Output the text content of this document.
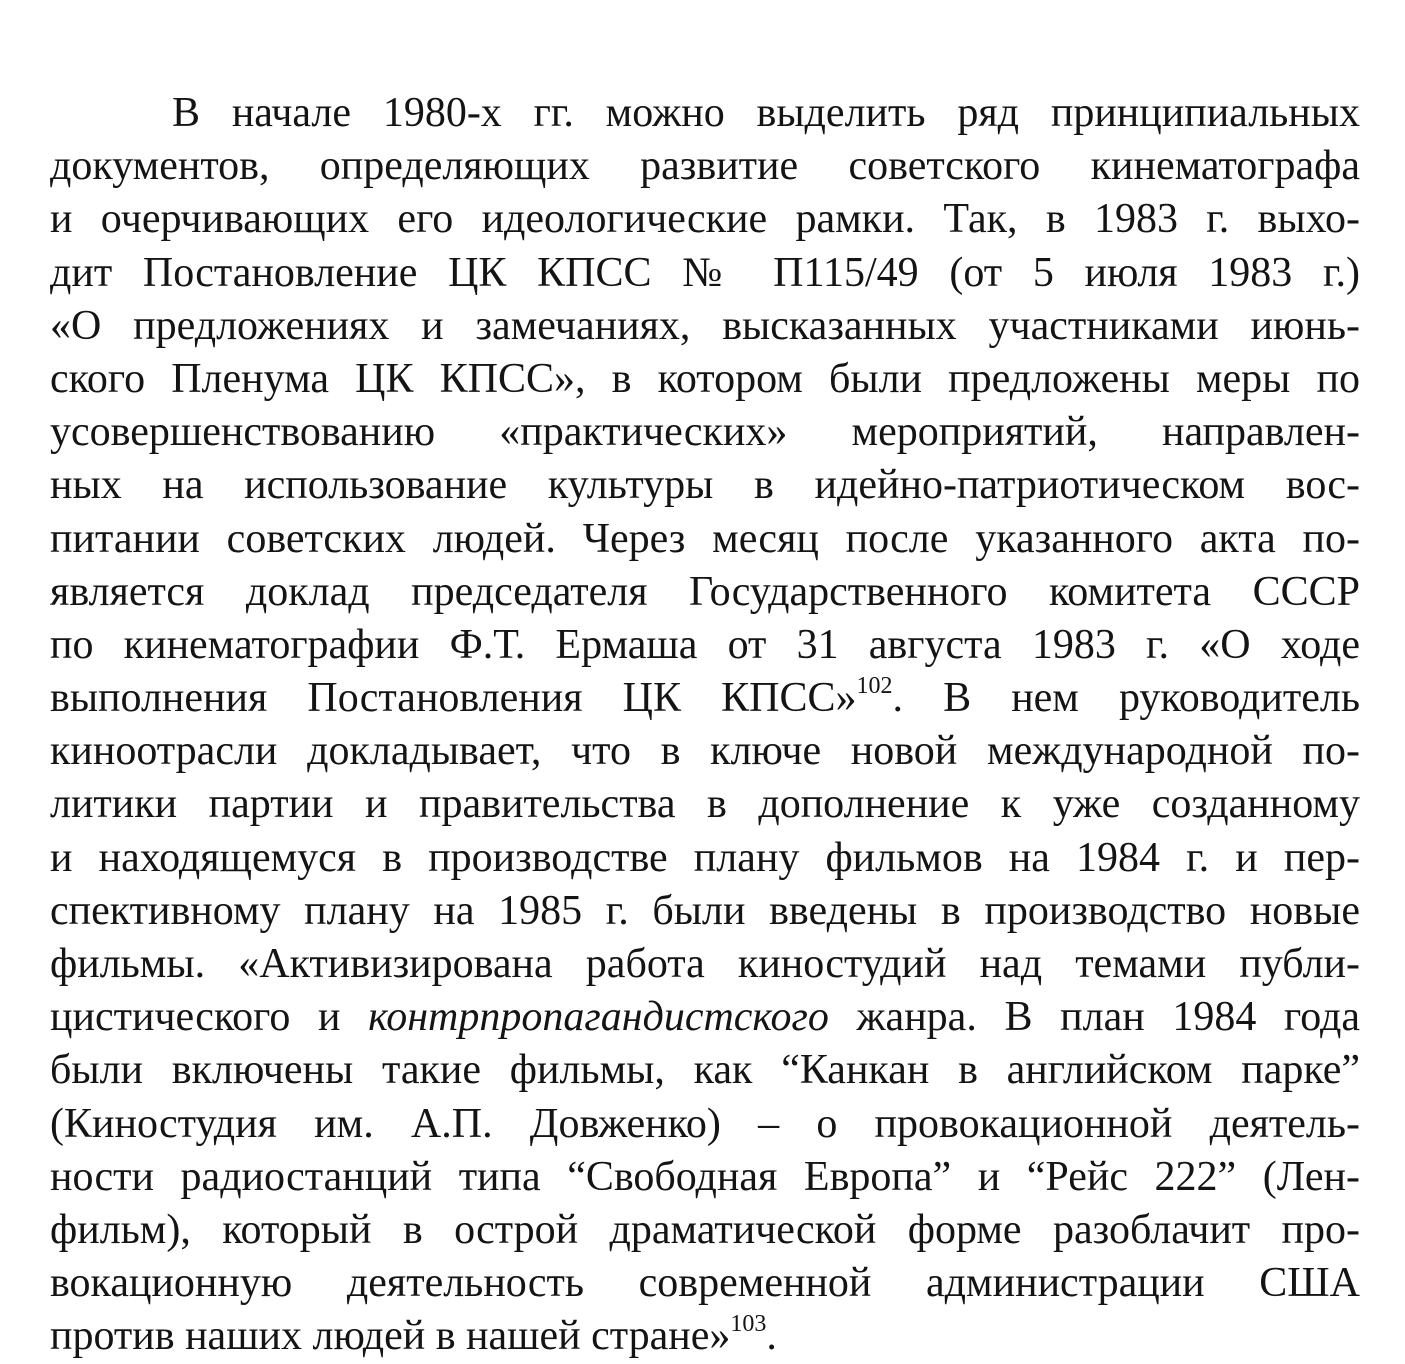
В начале 1980-х гг. можно выделить ряд принципиальных
документов, определяющих развитие советского кинематографа
и очерчивающих его идеологические рамки. Так, в 1983 г. выхо-
дит Постановление ЦК КПСС № П115/49 (от 5 июля 1983 г.)
«О предложениях и замечаниях, высказанных участниками июнь-
ского Пленума ЦК КПСС», в котором были предложены меры по
усовершенствованию «практических» мероприятий, направлен-
ных на использование культуры в идейно-патриотическом вос-
питании советских людей. Через месяц после указанного акта по-
является доклад председателя Государственного комитета СССР
по кинематографии Ф.Т. Ермаша от 31 августа 1983 г. «О ходе
выполнения Постановления ЦК КПСС»$^{102}$. В нем руководитель
киноотрасли докладывает, что в ключе новой международной по-
литики партии и правительства в дополнение к уже созданному
и находящемуся в производстве плану фильмов на 1984 г. и пер-
спективному плану на 1985 г. были введены в производство новые
фильмы. «Активизирована работа киностудий над темами публи-
цистического и контрпропагандистского жанра. В план 1984 года
были включены такие фильмы, как “Канкан в английском парке”
(Киностудия им. А.П. Довженко) – о провокационной деятель-
ности радиостанций типа “Свободная Европа” и “Рейс 222” (Лен-
фильм), который в острой драматической форме разоблачит про-
вокационную деятельность современной администрации США
против наших людей в нашей стране»$^{103}$.
